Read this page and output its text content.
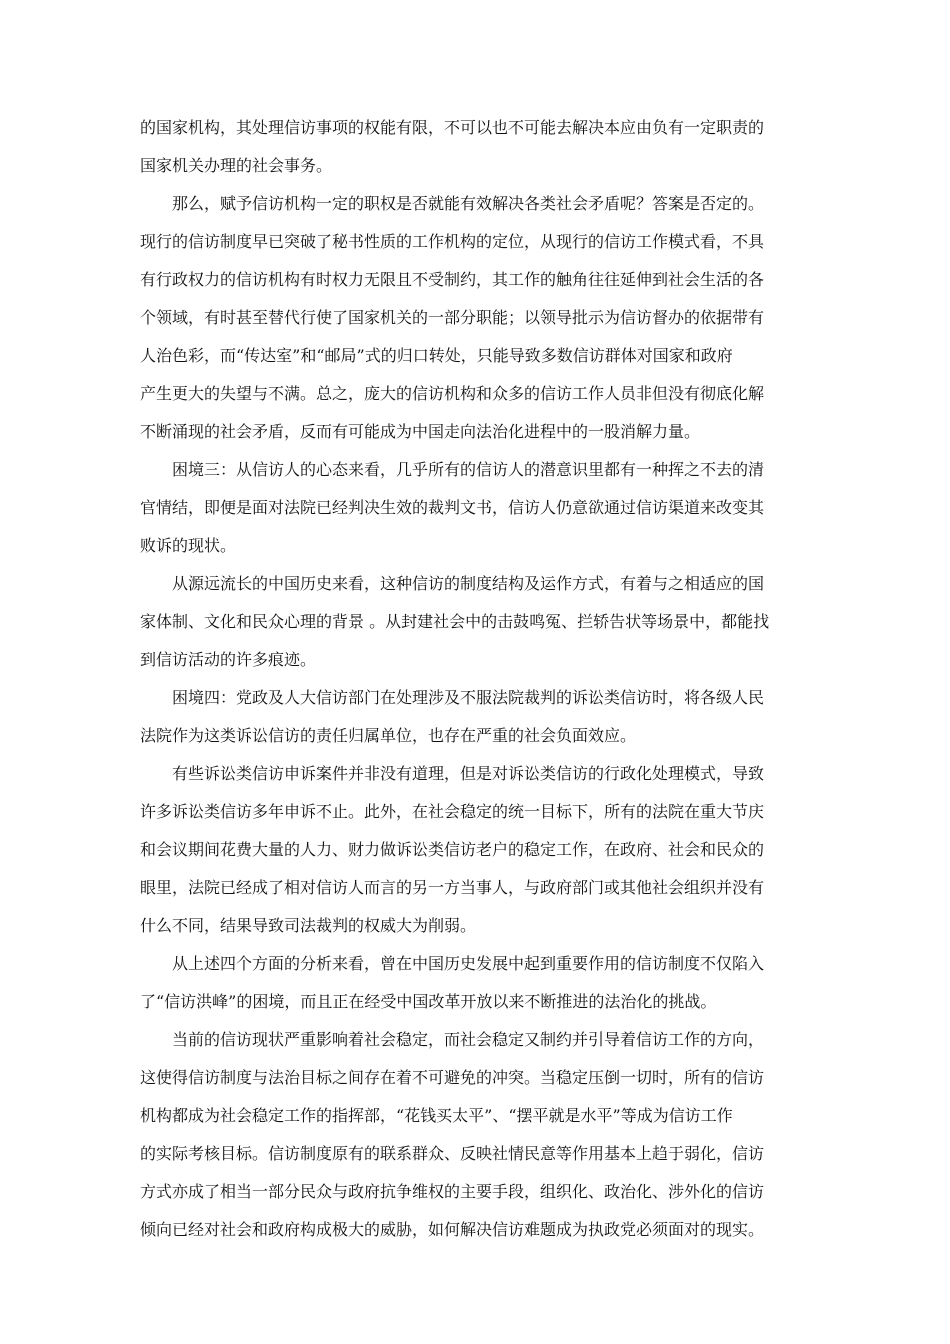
的国家机构，其处理信访事项的权能有限，不可以也不可能去解决本应由负有一定职责的
国家机关办理的社会事务。
那么，赋予信访机构一定的职权是否就能有效解决各类社会矛盾呢？答案是否定的。
现行的信访制度早已突破了秘书性质的工作机构的定位，从现行的信访工作模式看，不具
有行政权力的信访机构有时权力无限且不受制约，其工作的触角往往延伸到社会生活的各
个领域，有时甚至替代行使了国家机关的一部分职能；以领导批示为信访督办的依据带有
人治色彩，而“传达室”和“邮局”式的归口转处，只能导致多数信访群体对国家和政府
产生更大的失望与不满。总之，庞大的信访机构和众多的信访工作人员非但没有彻底化解
不断涌现的社会矛盾，反而有可能成为中国走向法治化进程中的一股消解力量。
困境三：从信访人的心态来看，几乎所有的信访人的潜意识里都有一种挥之不去的清
官情结，即便是面对法院已经判决生效的裁判文书，信访人仍意欲通过信访渠道来改变其
败诉的现状。
从源远流长的中国历史来看，这种信访的制度结构及运作方式，有着与之相适应的国
家体制、文化和民众心理的背景 。从封建社会中的击鼓鸣冤、拦轿告状等场景中，都能找
到信访活动的许多痕迹。
困境四：党政及人大信访部门在处理涉及不服法院裁判的诉讼类信访时，将各级人民
法院作为这类诉讼信访的责任归属单位，也存在严重的社会负面效应。
有些诉讼类信访申诉案件并非没有道理，但是对诉讼类信访的行政化处理模式，导致
许多诉讼类信访多年申诉不止。此外，在社会稳定的统一目标下，所有的法院在重大节庆
和会议期间花费大量的人力、财力做诉讼类信访老户的稳定工作，在政府、社会和民众的
眼里，法院已经成了相对信访人而言的另一方当事人，与政府部门或其他社会组织并没有
什么不同，结果导致司法裁判的权威大为削弱。
从上述四个方面的分析来看，曾在中国历史发展中起到重要作用的信访制度不仅陷入
了“信访洪峰”的困境，而且正在经受中国改革开放以来不断推进的法治化的挑战。
当前的信访现状严重影响着社会稳定，而社会稳定又制约并引导着信访工作的方向，
这使得信访制度与法治目标之间存在着不可避免的冲突。当稳定压倒一切时，所有的信访
机构都成为社会稳定工作的指挥部，“花钱买太平”、“摆平就是水平”等成为信访工作
的实际考核目标。信访制度原有的联系群众、反映社情民意等作用基本上趋于弱化，信访
方式亦成了相当一部分民众与政府抗争维权的主要手段，组织化、政治化、涉外化的信访
倾向已经对社会和政府构成极大的威胁，如何解决信访难题成为执政党必须面对的现实。
